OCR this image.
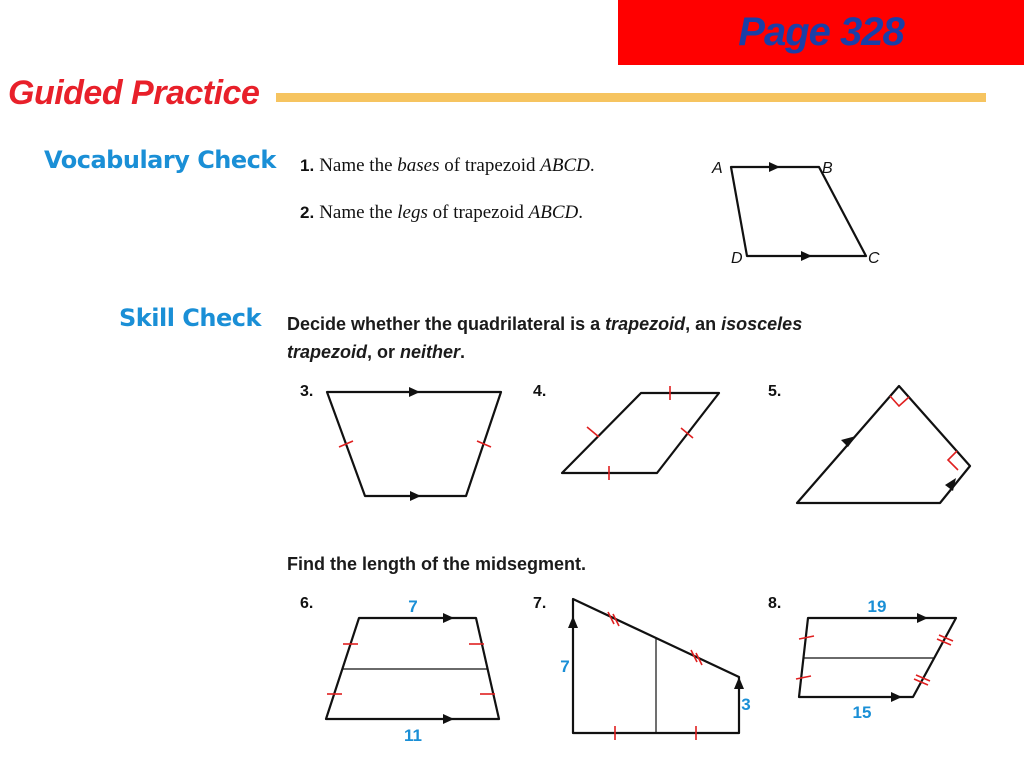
Page 328
Guided Practice
Vocabulary Check 1. Name the bases of trapezoid ABCD.
2. Name the legs of trapezoid ABCD.
A	B
C
D
Skill Check Decide whether the quadrilateral is a trapezoid, an isosceles
trapezoid, or neither.
3.	4.	5.
Find the length of the midsegment.
6.	7.	8.
7
11
7
3
19
15
